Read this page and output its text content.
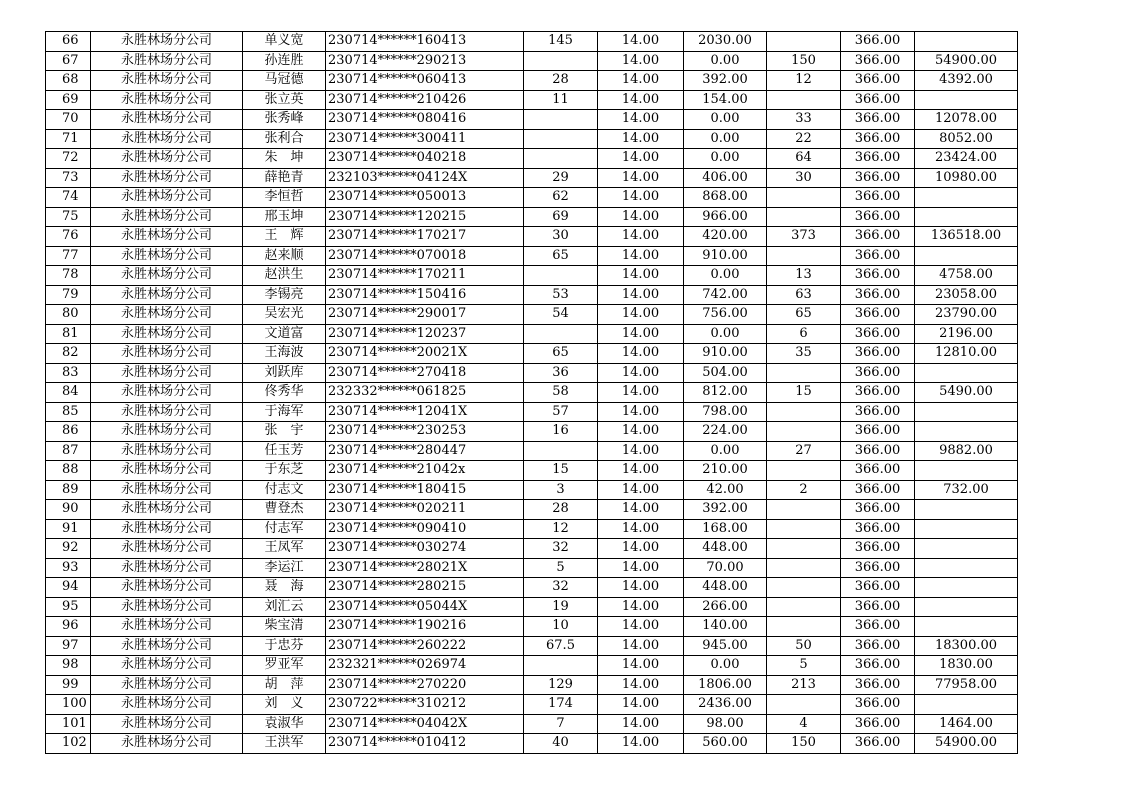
66	永胜林场分公司	单义宽	230714******160413	145	14.00	2030.00		366.00	
67	永胜林场分公司	孙连胜	230714******290213		14.00	0.00	150	366.00	54900.00
68	永胜林场分公司	马冠德	230714******060413	28	14.00	392.00	12	366.00	4392.00
69	永胜林场分公司	张立英	230714******210426	11	14.00	154.00		366.00	
70	永胜林场分公司	张秀峰	230714******080416		14.00	0.00	33	366.00	12078.00
71	永胜林场分公司	张利合	230714******300411		14.00	0.00	22	366.00	8052.00
72	永胜林场分公司	朱　坤	230714******040218		14.00	0.00	64	366.00	23424.00
73	永胜林场分公司	薛艳青	232103******04124X	29	14.00	406.00	30	366.00	10980.00
74	永胜林场分公司	李恒哲	230714******050013	62	14.00	868.00		366.00	
75	永胜林场分公司	邢玉坤	230714******120215	69	14.00	966.00		366.00	
76	永胜林场分公司	王　辉	230714******170217	30	14.00	420.00	373	366.00	136518.00
77	永胜林场分公司	赵来顺	230714******070018	65	14.00	910.00		366.00	
78	永胜林场分公司	赵洪生	230714******170211		14.00	0.00	13	366.00	4758.00
79	永胜林场分公司	李锡亮	230714******150416	53	14.00	742.00	63	366.00	23058.00
80	永胜林场分公司	吴宏光	230714******290017	54	14.00	756.00	65	366.00	23790.00
81	永胜林场分公司	文道富	230714******120237		14.00	0.00	6	366.00	2196.00
82	永胜林场分公司	王海波	230714******20021X	65	14.00	910.00	35	366.00	12810.00
83	永胜林场分公司	刘跃库	230714******270418	36	14.00	504.00		366.00	
84	永胜林场分公司	佟秀华	232332******061825	58	14.00	812.00	15	366.00	5490.00
85	永胜林场分公司	于海军	230714******12041X	57	14.00	798.00		366.00	
86	永胜林场分公司	张　宇	230714******230253	16	14.00	224.00		366.00	
87	永胜林场分公司	任玉芳	230714******280447		14.00	0.00	27	366.00	9882.00
88	永胜林场分公司	于东芝	230714******21042x	15	14.00	210.00		366.00	
89	永胜林场分公司	付志文	230714******180415	3	14.00	42.00	2	366.00	732.00
90	永胜林场分公司	曹登杰	230714******020211	28	14.00	392.00		366.00	
91	永胜林场分公司	付志军	230714******090410	12	14.00	168.00		366.00	
92	永胜林场分公司	王凤军	230714******030274	32	14.00	448.00		366.00	
93	永胜林场分公司	李运江	230714******28021X	5	14.00	70.00		366.00	
94	永胜林场分公司	聂　海	230714******280215	32	14.00	448.00		366.00	
95	永胜林场分公司	刘汇云	230714******05044X	19	14.00	266.00		366.00	
96	永胜林场分公司	柴宝清	230714******190216	10	14.00	140.00		366.00	
97	永胜林场分公司	于忠芬	230714******260222	67.5	14.00	945.00	50	366.00	18300.00
98	永胜林场分公司	罗亚军	232321******026974		14.00	0.00	5	366.00	1830.00
99	永胜林场分公司	胡　萍	230714******270220	129	14.00	1806.00	213	366.00	77958.00
100	永胜林场分公司	刘　义	230722******310212	174	14.00	2436.00		366.00	
101	永胜林场分公司	袁淑华	230714******04042X	7	14.00	98.00	4	366.00	1464.00
102	永胜林场分公司	王洪军	230714******010412	40	14.00	560.00	150	366.00	54900.00
